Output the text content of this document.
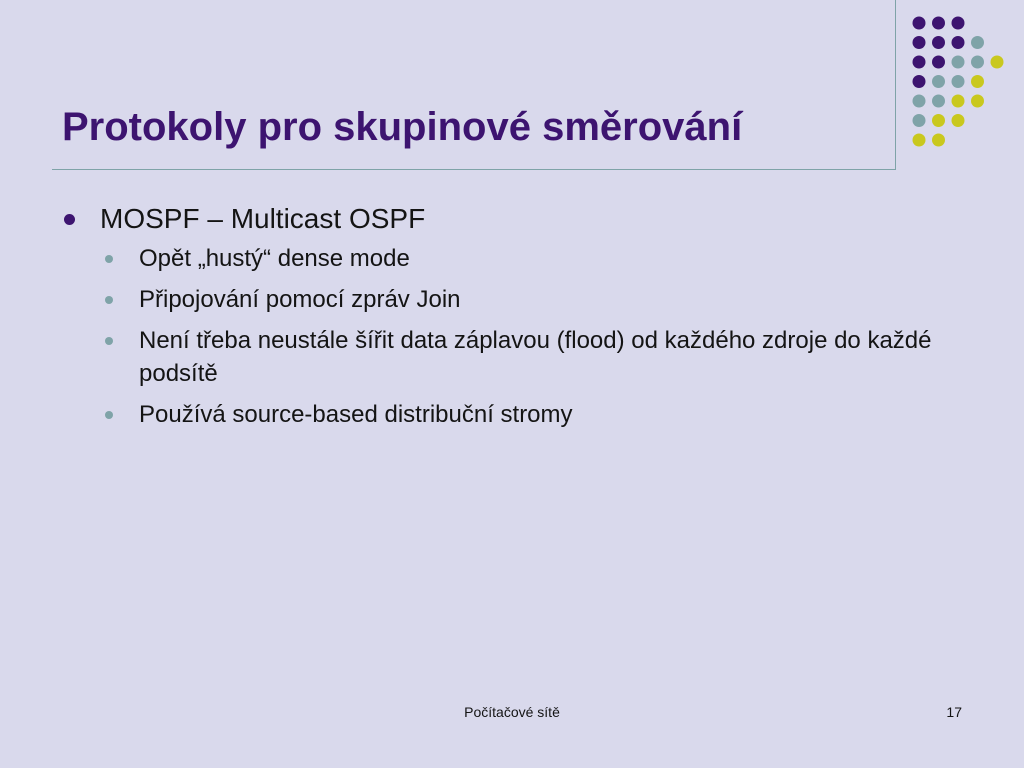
Protokoly pro skupinové směrování
MOSPF – Multicast OSPF
Opět „hustý“ dense mode
Připojování pomocí zpráv Join
Není třeba neustále šířit data záplavou (flood) od každého zdroje do každé podsítě
Používá source-based distribuční stromy
Počítačové sítě	17
